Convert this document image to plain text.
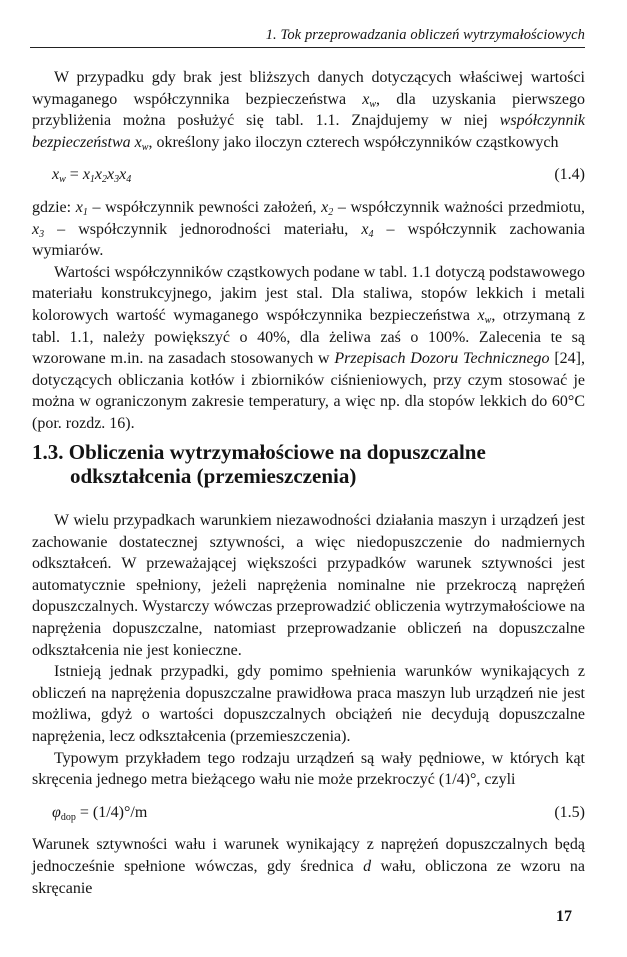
1. Tok przeprowadzania obliczeń wytrzymałościowych

W przypadku gdy brak jest bliższych danych dotyczących właściwej wartości wymaganego współczynnika bezpieczeństwa $x_w$, dla uzyskania pierwszego przybliżenia można posłużyć się tabl. 1.1. Znajdujemy w niej współczynnik bezpieczeństwa $x_w$, określony jako iloczyn czterech współczynników cząstkowych

$x_w = x_1x_2x_3x_4$	(1.4)

gdzie: $x_1$ – współczynnik pewności założeń, $x_2$ – współczynnik ważności przedmiotu, $x_3$ – współczynnik jednorodności materiału, $x_4$ – współczynnik zachowania wymiarów.

Wartości współczynników cząstkowych podane w tabl. 1.1 dotyczą podstawowego materiału konstrukcyjnego, jakim jest stal. Dla staliwa, stopów lekkich i metali kolorowych wartość wymaganego współczynnika bezpieczeństwa $x_w$, otrzymaną z tabl. 1.1, należy powiększyć o 40%, dla żeliwa zaś o 100%. Zalecenia te są wzorowane m.in. na zasadach stosowanych w Przepisach Dozoru Technicznego [24], dotyczących obliczania kotłów i zbiorników ciśnieniowych, przy czym stosować je można w ograniczonym zakresie temperatury, a więc np. dla stopów lekkich do 60°C (por. rozdz. 16).

1.3. Obliczenia wytrzymałościowe na dopuszczalne
odkształcenia (przemieszczenia)

W wielu przypadkach warunkiem niezawodności działania maszyn i urządzeń jest zachowanie dostatecznej sztywności, a więc niedopuszczenie do nadmiernych odkształceń. W przeważającej większości przypadków warunek sztywności jest automatycznie spełniony, jeżeli naprężenia nominalne nie przekroczą naprężeń dopuszczalnych. Wystarczy wówczas przeprowadzić obliczenia wytrzymałościowe na naprężenia dopuszczalne, natomiast przeprowadzanie obliczeń na dopuszczalne odkształcenia nie jest konieczne.

Istnieją jednak przypadki, gdy pomimo spełnienia warunków wynikających z obliczeń na naprężenia dopuszczalne prawidłowa praca maszyn lub urządzeń nie jest możliwa, gdyż o wartości dopuszczalnych obciążeń nie decydują dopuszczalne naprężenia, lecz odkształcenia (przemieszczenia).

Typowym przykładem tego rodzaju urządzeń są wały pędniowe, w których kąt skręcenia jednego metra bieżącego wału nie może przekroczyć (1/4)°, czyli

$\varphi_{dop} = (1/4)^\circ/m$	(1.5)

Warunek sztywności wału i warunek wynikający z naprężeń dopuszczalnych będą jednocześnie spełnione wówczas, gdy średnica d wału, obliczona ze wzoru na skręcanie

17
